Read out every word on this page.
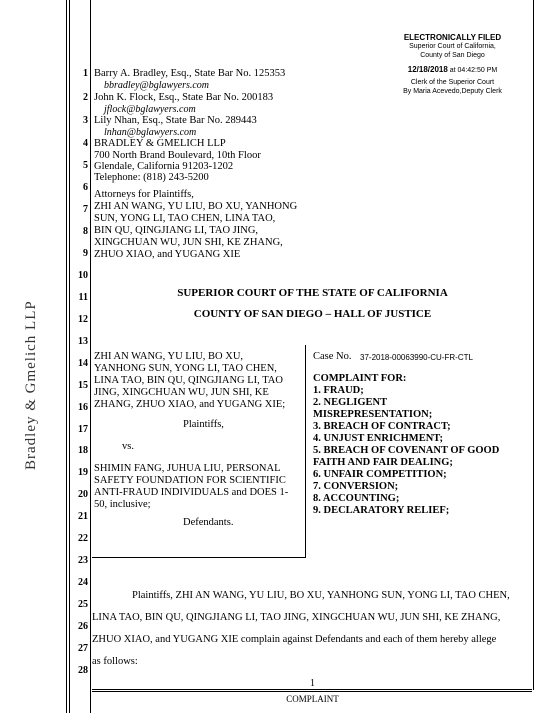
ELECTRONICALLY FILED
Superior Court of California,
County of San Diego
12/18/2018 at 04:42:50 PM
Clerk of the Superior Court
By Maria Acevedo,Deputy Clerk
Bradley & Gmelich LLP
1
2
3
4
5
6
7
8
9
10
11
12
13
14
15
16
17
18
19
20
21
22
23
24
25
26
27
28
Barry A. Bradley, Esq., State Bar No. 125353
bbradley@bglawyers.com
John K. Flock, Esq., State Bar No. 200183
jflock@bglawyers.com
Lily Nhan, Esq., State Bar No. 289443
lnhan@bglawyers.com
BRADLEY & GMELICH LLP
700 North Brand Boulevard, 10th Floor
Glendale, California 91203-1202
Telephone: (818) 243-5200
Attorneys for Plaintiffs,
ZHI AN WANG, YU LIU, BO XU, YANHONG
SUN, YONG LI, TAO CHEN, LINA TAO,
BIN QU, QINGJIANG LI, TAO JING,
XINGCHUAN WU, JUN SHI, KE ZHANG,
ZHUO XIAO, and YUGANG XIE
SUPERIOR COURT OF THE STATE OF CALIFORNIA
COUNTY OF SAN DIEGO – HALL OF JUSTICE
ZHI AN WANG, YU LIU, BO XU,
YANHONG SUN, YONG LI, TAO CHEN,
LINA TAO, BIN QU, QINGJIANG LI, TAO
JING, XINGCHUAN WU, JUN SHI, KE
ZHANG, ZHUO XIAO, and YUGANG XIE;
Plaintiffs,
vs.
SHIMIN FANG, JUHUA LIU, PERSONAL
SAFETY FOUNDATION FOR SCIENTIFIC
ANTI-FRAUD INDIVIDUALS and DOES 1-
50, inclusive;
Defendants.
Case No. 37-2018-00063990-CU-FR-CTL
COMPLAINT FOR:
1. FRAUD;
2. NEGLIGENT
MISREPRESENTATION;
3. BREACH OF CONTRACT;
4. UNJUST ENRICHMENT;
5. BREACH OF COVENANT OF GOOD
FAITH AND FAIR DEALING;
6. UNFAIR COMPETITION;
7. CONVERSION;
8. ACCOUNTING;
9. DECLARATORY RELIEF;
Plaintiffs, ZHI AN WANG, YU LIU, BO XU, YANHONG SUN, YONG LI, TAO CHEN,
LINA TAO, BIN QU, QINGJIANG LI, TAO JING, XINGCHUAN WU, JUN SHI, KE ZHANG,
ZHUO XIAO, and YUGANG XIE complain against Defendants and each of them hereby allege
as follows:
1
COMPLAINT
